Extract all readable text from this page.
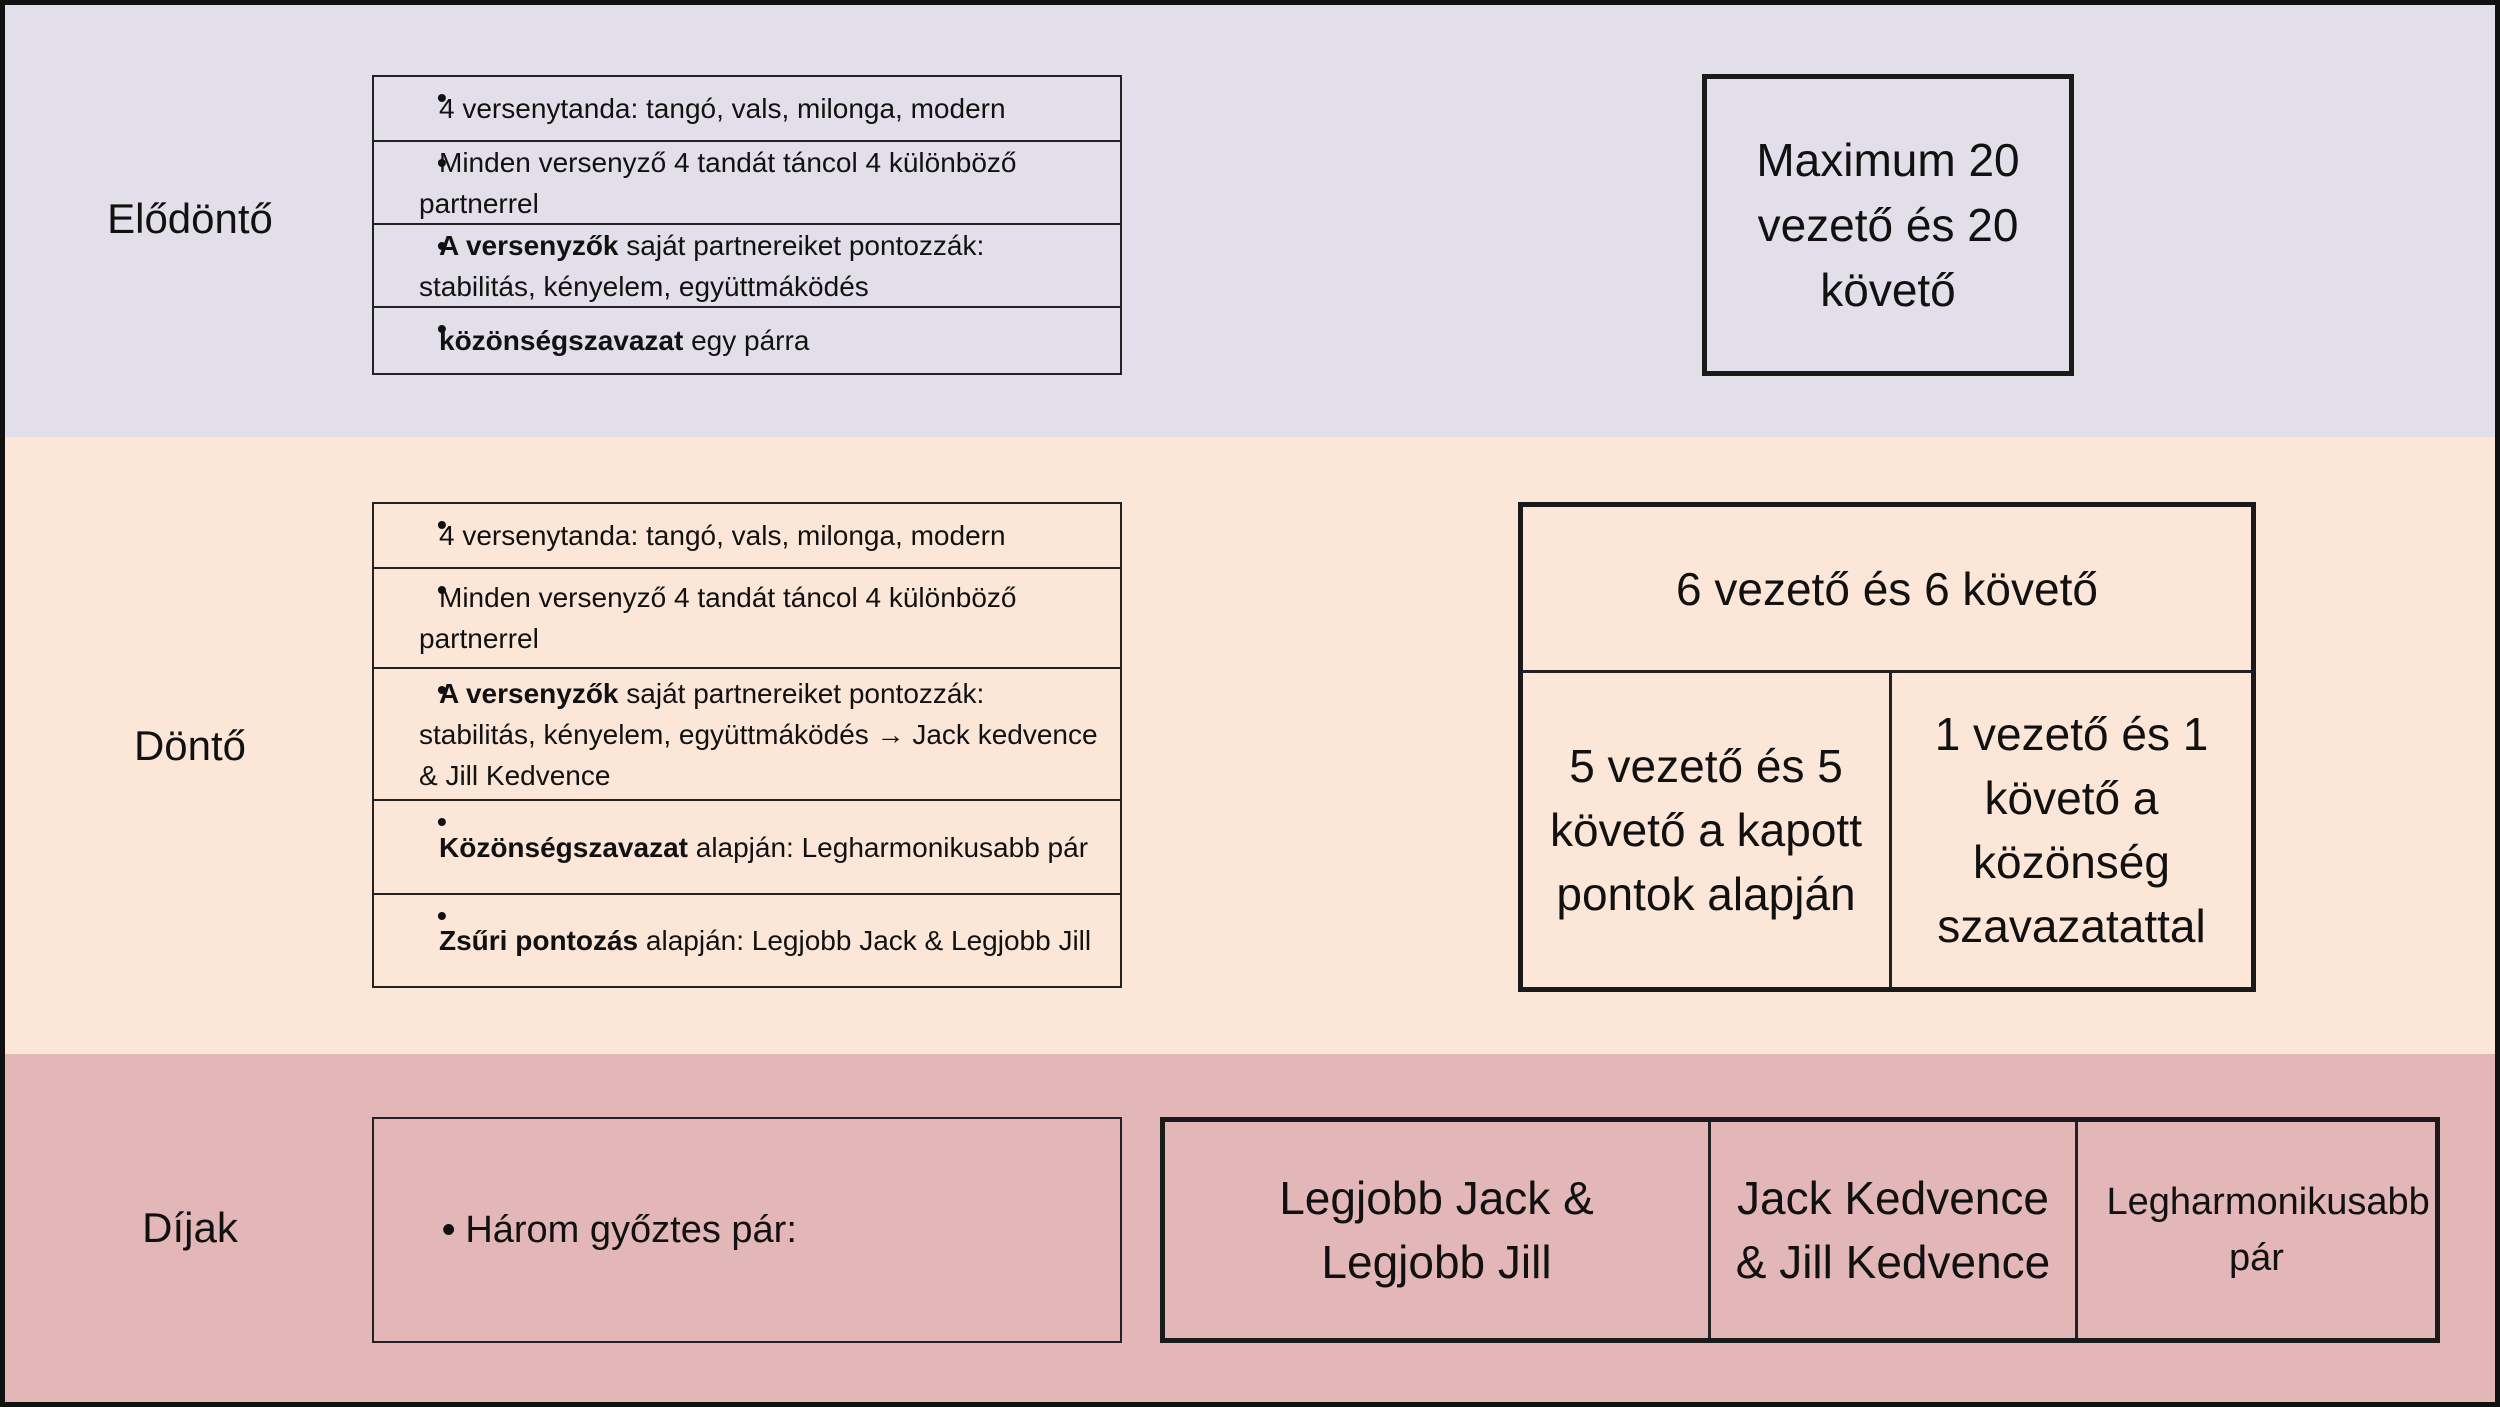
Elődöntő
• 4 versenytanda: tangó, vals, milonga, modern
• Minden versenyző 4 tandát táncol 4 különböző partnerrel
• A versenyzők saját partnereiket pontozzák: stabilitás, kényelem, együttmáködés
• közönségszavazat egy párra
Maximum 20 vezető és 20 követő
Döntő
• 4 versenytanda: tangó, vals, milonga, modern
• Minden versenyző 4 tandát táncol 4 különböző partnerrel
• A versenyzők saját partnereiket pontozzák: stabilitás, kényelem, együttmáködés → Jack kedvence & Jill Kedvence
• Közönségszavazat alapján: Legharmonikusabb pár
• Zsűri pontozás alapján: Legjobb Jack & Legjobb Jill
6 vezető és 6 követő
5 vezető és 5 követő a kapott pontok alapján
1 vezető és 1 követő a közönség szavazatattal
Díjak	• Három győztes pár:
Legjobb Jack & Legjobb Jill
Jack Kedvence & Jill Kedvence
Legharmonikusabb pár
